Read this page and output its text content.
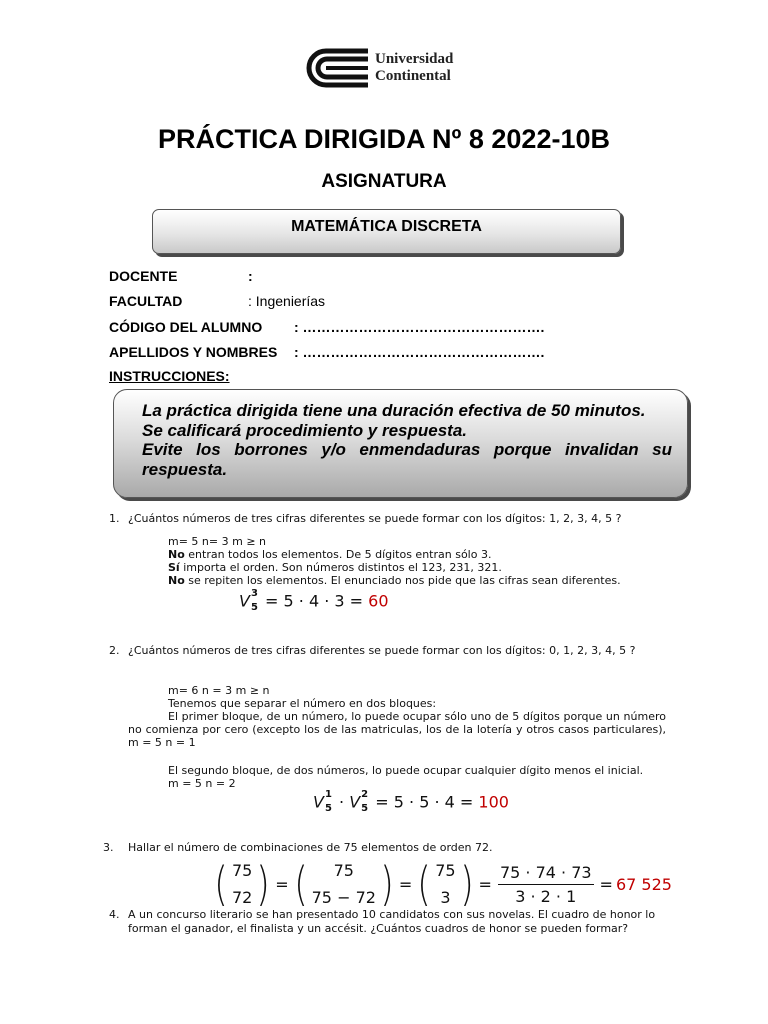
Universidad
Continental
PRÁCTICA DIRIGIDA Nº 8 2022-10B
ASIGNATURA
MATEMÁTICA DISCRETA
DOCENTE	:
FACULTAD	: Ingenierías
CÓDIGO DEL ALUMNO : …………………………………………….
APELLIDOS Y NOMBRES : …………………………………………….
INSTRUCCIONES:
La práctica dirigida tiene una duración efectiva de 50 minutos.
Se calificará procedimiento y respuesta.
Evite los borrones y/o enmendaduras porque invalidan su respuesta.
1. ¿Cuántos números de tres cifras diferentes se puede formar con los dígitos: 1, 2, 3, 4, 5 ?
m= 5 n= 3 m ≥ n
No entran todos los elementos. De 5 dígitos entran sólo 3.
Sí importa el orden. Son números distintos el 123, 231, 321.
No se repiten los elementos. El enunciado nos pide que las cifras sean diferentes.
V 3
5 = 5 · 4 · 3 = 60
2. ¿Cuántos números de tres cifras diferentes se puede formar con los dígitos: 0, 1, 2, 3, 4, 5 ?
m= 6 n = 3 m ≥ n
Tenemos que separar el número en dos bloques:
El primer bloque, de un número, lo puede ocupar sólo uno de 5 dígitos porque un número no comienza por cero (excepto los de las matriculas, los de la lotería y otros casos particulares), m = 5 n = 1
El segundo bloque, de dos números, lo puede ocupar cualquier dígito menos el inicial.
m = 5 n = 2
V 1
5 · V 2
5 = 5 · 5 · 4 = 100
3. Hallar el número de combinaciones de 75 elementos de orden 72.
( 75
72 ) = ( 75
75 − 72 ) = ( 75
3 ) = $\frac{75 \cdot 74 \cdot 73}{3 \cdot 2 \cdot 1} = 67$ 525
4. A un concurso literario se han presentado 10 candidatos con sus novelas. El cuadro de honor lo forman el ganador, el finalista y un accésit. ¿Cuántos cuadros de honor se pueden formar?
